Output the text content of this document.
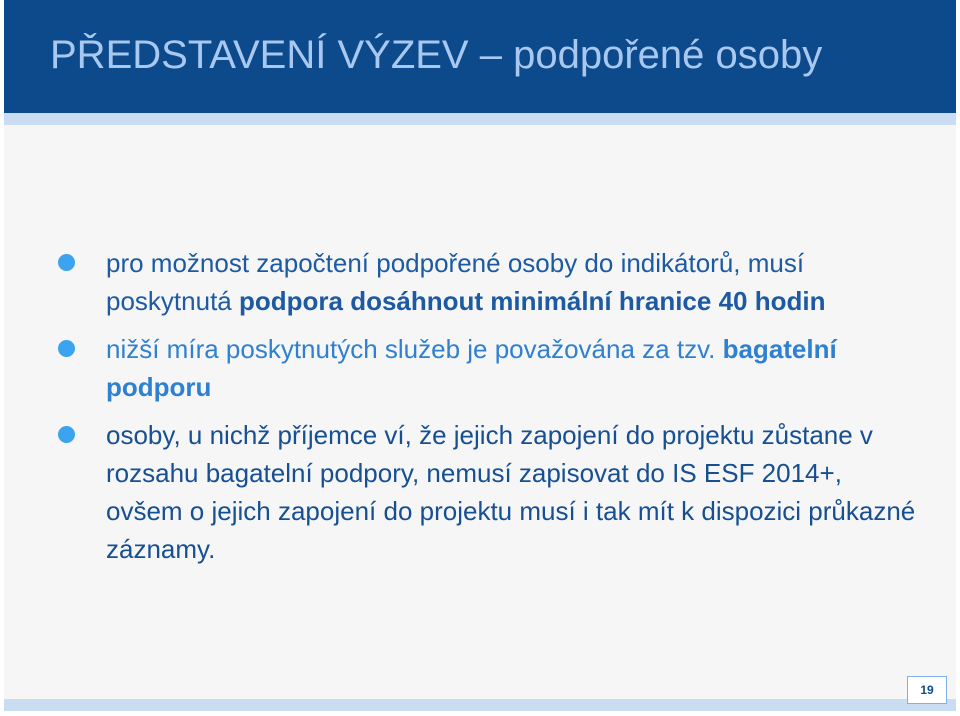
PŘEDSTAVENÍ VÝZEV – podpořené osoby
pro možnost započtení podpořené osoby do indikátorů, musí poskytnutá podpora dosáhnout minimální hranice 40 hodin
nižší míra poskytnutých služeb je považována za tzv. bagatelní podporu
osoby, u nichž příjemce ví, že jejich zapojení do projektu zůstane v rozsahu bagatelní podpory, nemusí zapisovat do IS ESF 2014+, ovšem o jejich zapojení do projektu musí i tak mít k dispozici průkazné záznamy.
19
